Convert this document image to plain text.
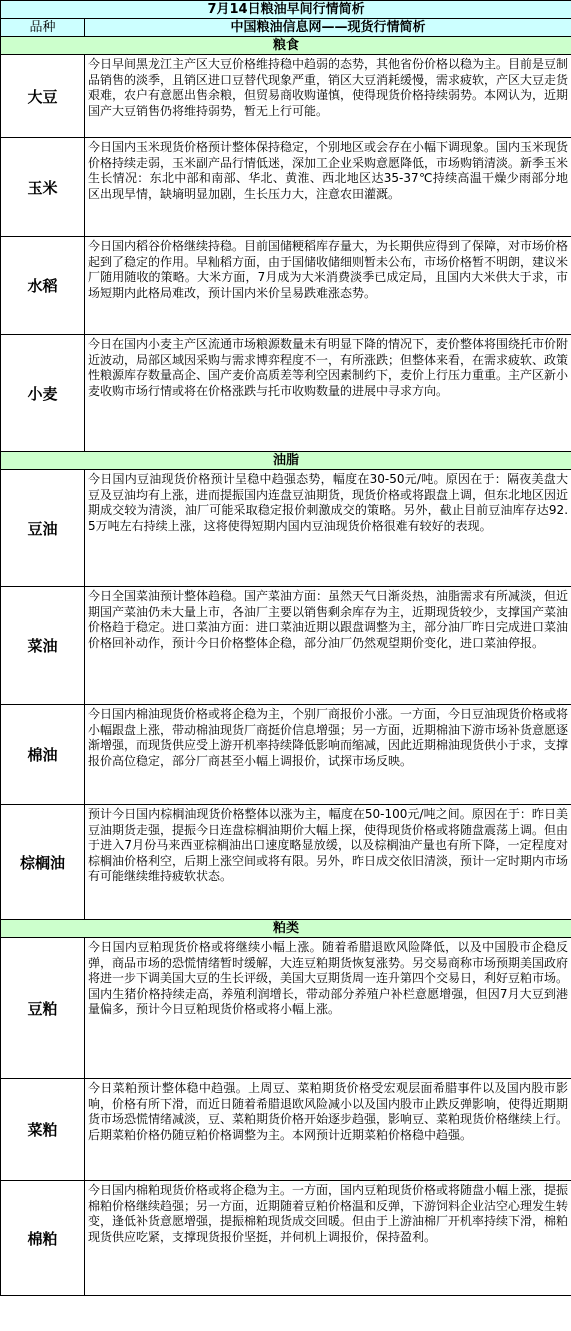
7月14日粮油早间行情简析	
品种	中国粮油信息网——现货行情简析
粮食	
大豆	今日早间黑龙江主产区大豆价格维持稳中趋弱的态势，其他省份价格以稳为主。目前是豆制品销售的淡季，且销区进口豆替代现象严重，销区大豆消耗缓慢，需求疲软，产区大豆走货艰难，农户有意愿出售余粮，但贸易商收购谨慎，使得现货价格持续弱势。本网认为，近期国产大豆销售仍将维持弱势，暂无上行可能。
玉米	今日国内玉米现货价格预计整体保持稳定，个别地区或会存在小幅下调现象。国内玉米现货价格持续走弱，玉米副产品行情低迷，深加工企业采购意愿降低，市场购销清淡。新季玉米生长情况：东北中部和南部、华北、黄淮、西北地区达35-37℃持续高温干燥少雨部分地区出现旱情，缺墒明显加剧，生长压力大，注意农田灌溉。
水稻	今日国内稻谷价格继续持稳。目前国储粳稻库存量大，为长期供应得到了保障，对市场价格起到了稳定的作用。早籼稻方面，由于国储收储细则暂未公布，市场价格暂不明朗，建议米厂随用随收的策略。大米方面，7月成为大米消费淡季已成定局，且国内大米供大于求，市场短期内此格局难改，预计国内米价呈易跌难涨态势。
小麦	今日在国内小麦主产区流通市场粮源数量未有明显下降的情况下，麦价整体将围绕托市价附近波动，局部区域因采购与需求博弈程度不一，有所涨跌；但整体来看，在需求疲软、政策性粮源库存数量高企、国产麦价高质差等利空因素制约下，麦价上行压力重重。主产区新小麦收购市场行情或将在价格涨跌与托市收购数量的进展中寻求方向。
油脂	
豆油	今日国内豆油现货价格预计呈稳中趋强态势，幅度在30-50元/吨。原因在于：隔夜美盘大豆及豆油均有上涨，进而提振国内连盘豆油期货，现货价格或将跟盘上调，但东北地区因近期成交较为清淡，油厂可能采取稳定报价刺激成交的策略。另外，截止目前豆油库存达92.5万吨左右持续上涨，这将使得短期内国内豆油现货价格很难有较好的表现。
菜油	今日全国菜油预计整体趋稳。国产菜油方面：虽然天气日渐炎热，油脂需求有所减淡，但近期国产菜油仍未大量上市，各油厂主要以销售剩余库存为主，近期现货较少，支撑国产菜油价格趋于稳定。进口菜油方面：进口菜油近期以跟盘调整为主，部分油厂昨日完成进口菜油价格回补动作，预计今日价格整体企稳，部分油厂仍然观望期价变化，进口菜油停报。
棉油	今日国内棉油现货价格或将企稳为主，个别厂商报价小涨。一方面，今日豆油现货价格或将小幅跟盘上涨，带动棉油现货厂商挺价信息增强；另一方面，近期棉油下游市场补货意愿逐渐增强，而现货供应受上游开机率持续降低影响而缩减，因此近期棉油现货供小于求，支撑报价高位稳定，部分厂商甚至小幅上调报价，试探市场反映。
棕榈油	预计今日国内棕榈油现货价格整体以涨为主，幅度在50-100元/吨之间。原因在于：昨日美豆油期货走强，提振今日连盘棕榈油期价大幅上探，使得现货价格或将随盘震荡上调。但由于进入7月份马来西亚棕榈油出口速度略显放缓，以及棕榈油产量也有所下降，一定程度对棕榈油价格利空，后期上涨空间或将有限。另外，昨日成交依旧清淡，预计一定时期内市场有可能继续维持疲软状态。
粕类	
豆粕	今日国内豆粕现货价格或将继续小幅上涨。随着希腊退欧风险降低，以及中国股市企稳反弹，商品市场的恐慌情绪暂时缓解，大连豆粕期货恢复涨势。另交易商称市场预期美国政府将进一步下调美国大豆的生长评级，美国大豆期货周一连升第四个交易日，利好豆粕市场。国内生猪价格持续走高，养殖利润增长，带动部分养殖户补栏意愿增强，但因7月大豆到港量偏多，预计今日豆粕现货价格或将小幅上涨。
菜粕	今日菜粕预计整体稳中趋强。上周豆、菜粕期货价格受宏观层面希腊事件以及国内股市影响，价格有所下滑，而近日随着希腊退欧风险减小以及国内股市止跌反弹影响，使得近期期货市场恐慌情绪减淡，豆、菜粕期货价格开始逐步趋强，影响豆、菜粕现货价格继续上行。后期菜粕价格仍随豆粕价格调整为主。本网预计近期菜粕价格稳中趋强。
棉粕	今日国内棉粕现货价格或将企稳为主。一方面，国内豆粕现货价格或将随盘小幅上涨，提振棉粕价格继续趋强；另一方面，近期随着豆粕价格温和反弹，下游饲料企业沽空心理发生转变，逢低补货意愿增强，提振棉粕现货成交回暖。但由于上游油棉厂开机率持续下滑，棉粕现货供应吃紧，支撑现货报价坚挺，并伺机上调报价，保持盈利。
